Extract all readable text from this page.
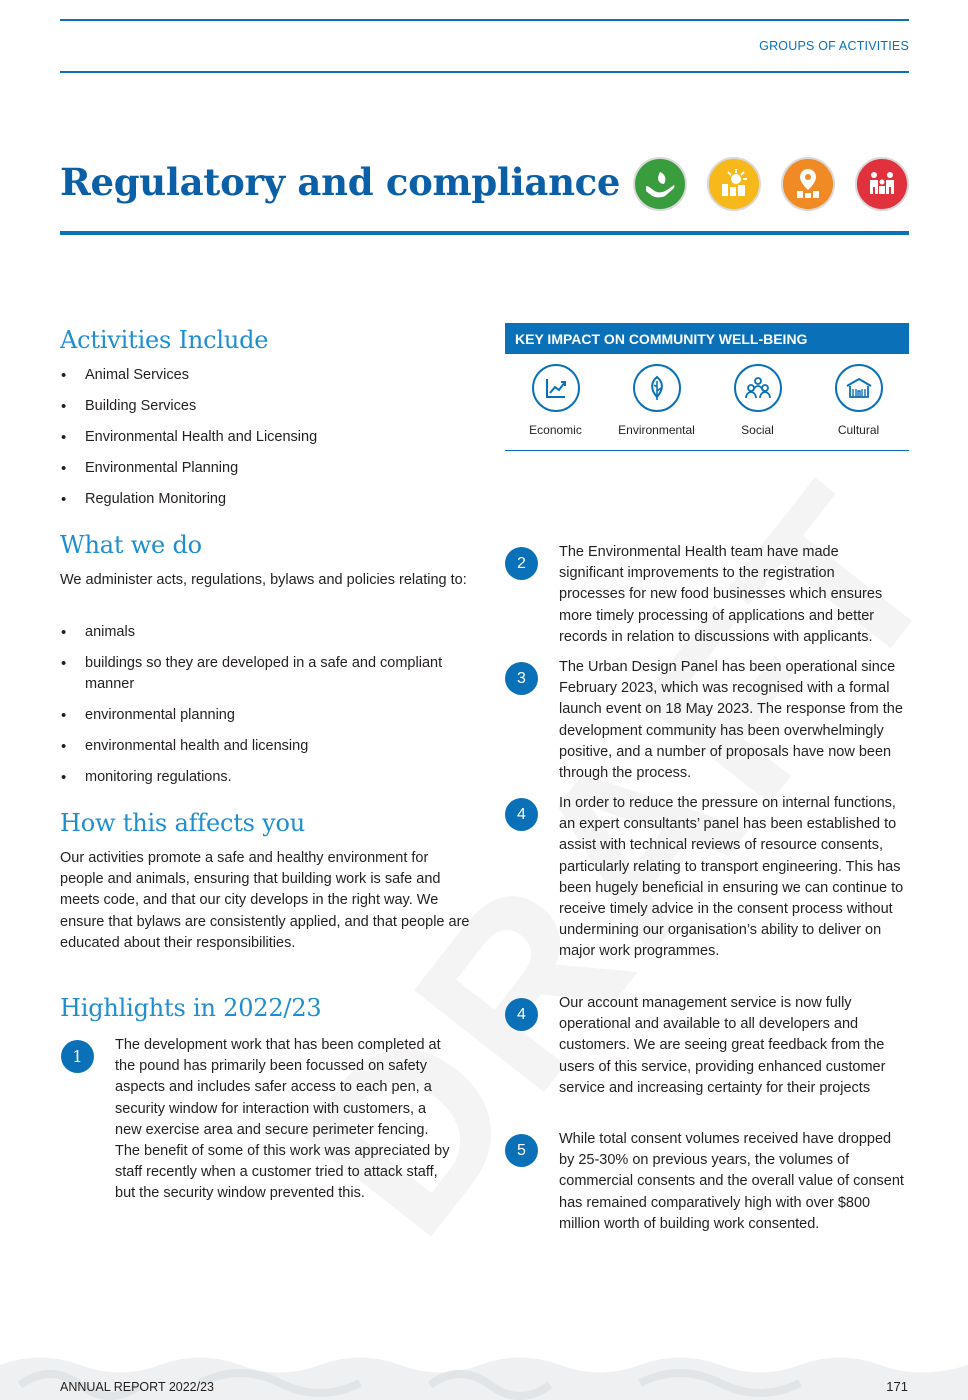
GROUPS OF ACTIVITIES
Regulatory and compliance
Activities Include
• Animal Services
• Building Services
• Environmental Health and Licensing
• Environmental Planning
• Regulation Monitoring
What we do

We administer acts, regulations, bylaws and policies relating to:

• animals
• buildings so they are developed in a safe and compliant manner
• environmental planning
• environmental health and licensing
• monitoring regulations.
How this affects you

Our activities promote a safe and healthy environment for people and animals, ensuring that building work is safe and meets code, and that our city develops in the right way. We ensure that bylaws are consistently applied, and that people are educated about their responsibilities.

Highlights in 2022/23
1

The development work that has been completed at the pound has primarily been focussed on safety aspects and includes safer access to each pen, a security window for interaction with customers, a new exercise area and secure perimeter fencing. The benefit of some of this work was appreciated by staff recently when a customer tried to attack staff, but the security window prevented this.

KEY IMPACT ON COMMUNITY WELL-BEING
Economic	Environmental	Social	Cultural
2

The Environmental Health team have made significant improvements to the registration processes for new food businesses which ensures more timely processing of applications and better records in relation to discussions with applicants.

3

The Urban Design Panel has been operational since February 2023, which was recognised with a formal launch event on 18 May 2023. The response from the development community has been overwhelmingly positive, and a number of proposals have now been through the process.

4

In order to reduce the pressure on internal functions, an expert consultants’ panel has been established to assist with technical reviews of resource consents, particularly relating to transport engineering. This has been hugely beneficial in ensuring we can continue to receive timely advice in the consent process without undermining our organisation’s ability to deliver on major work programmes.

4

Our account management service is now fully operational and available to all developers and customers. We are seeing great feedback from the users of this service, providing enhanced customer service and increasing certainty for their projects

5

While total consent volumes received have dropped by 25-30% on previous years, the volumes of commercial consents and the overall value of consent has remained comparatively high with over $800 million worth of building work consented.

ANNUAL REPORT 2022/23	171
